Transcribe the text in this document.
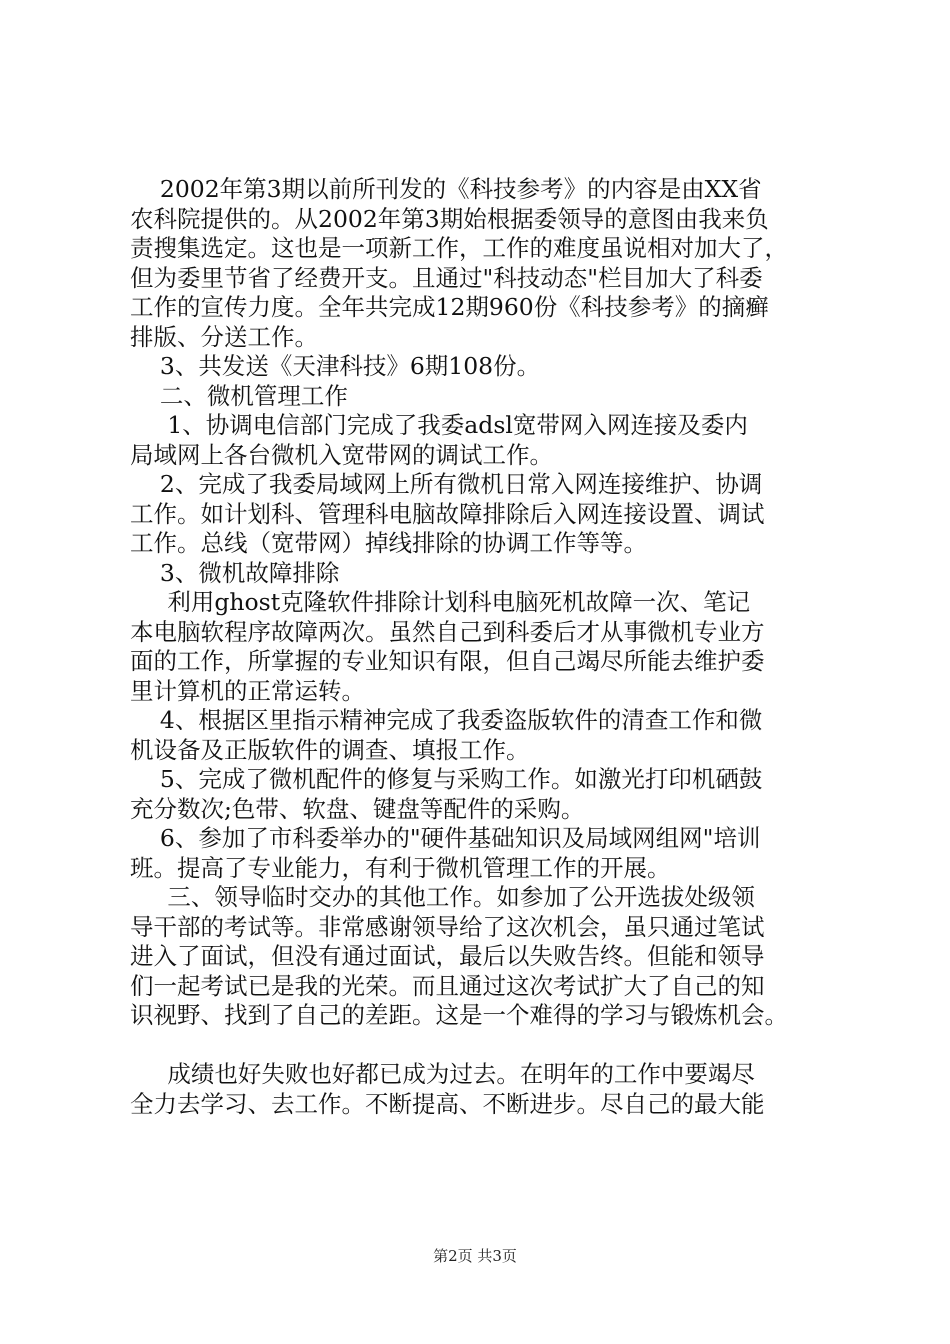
2002年第3期以前所刊发的《科技参考》的内容是由XX省
农科院提供的。从2002年第3期始根据委领导的意图由我来负
责搜集选定。这也是一项新工作，工作的难度虽说相对加大了，
但为委里节省了经费开支。且通过"科技动态"栏目加大了科委
工作的宣传力度。全年共完成12期960份《科技参考》的摘癣
排版、分送工作。
3、共发送《天津科技》6期108份。
二、微机管理工作
1、协调电信部门完成了我委adsl宽带网入网连接及委内
局域网上各台微机入宽带网的调试工作。
2、完成了我委局域网上所有微机日常入网连接维护、协调
工作。如计划科、管理科电脑故障排除后入网连接设置、调试
工作。总线（宽带网）掉线排除的协调工作等等。
3、微机故障排除
利用ghost克隆软件排除计划科电脑死机故障一次、笔记
本电脑软程序故障两次。虽然自己到科委后才从事微机专业方
面的工作，所掌握的专业知识有限，但自己竭尽所能去维护委
里计算机的正常运转。
4、根据区里指示精神完成了我委盗版软件的清查工作和微
机设备及正版软件的调查、填报工作。
5、完成了微机配件的修复与采购工作。如激光打印机硒鼓
充分数次;色带、软盘、键盘等配件的采购。
6、参加了市科委举办的"硬件基础知识及局域网组网"培训
班。提高了专业能力，有利于微机管理工作的开展。
三、领导临时交办的其他工作。如参加了公开选拔处级领
导干部的考试等。非常感谢领导给了这次机会，虽只通过笔试
进入了面试，但没有通过面试，最后以失败告终。但能和领导
们一起考试已是我的光荣。而且通过这次考试扩大了自己的知
识视野、找到了自己的差距。这是一个难得的学习与锻炼机会。
成绩也好失败也好都已成为过去。在明年的工作中要竭尽
全力去学习、去工作。不断提高、不断进步。尽自己的最大能
第2页 共3页
